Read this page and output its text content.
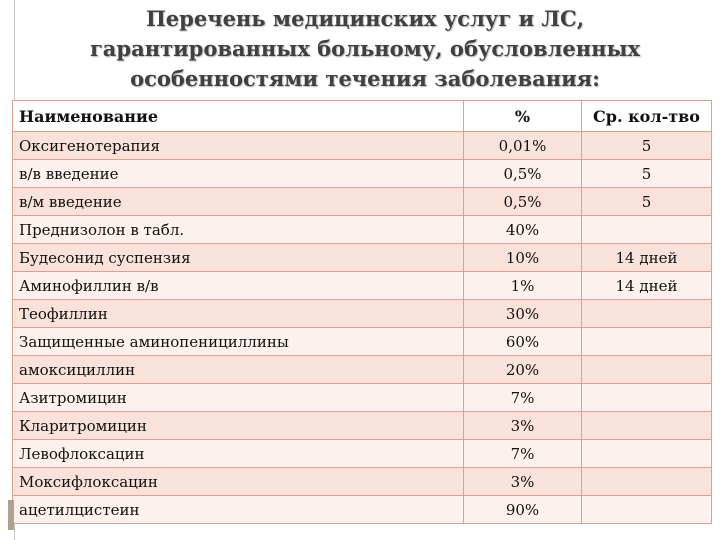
Перечень медицинских услуг и ЛС,
гарантированных больному, обусловленных
особенностями течения заболевания:
Наименование	%	Ср. кол-тво
Оксигенотерапия	0,01%	5
в/в введение	0,5%	5
в/м введение	0,5%	5
Преднизолон в табл.	40%	
Будесонид суспензия	10%	14 дней
Аминофиллин в/в	1%	14 дней
Теофиллин	30%	
Защищенные аминопенициллины	60%	
амоксициллин	20%	
Азитромицин	7%	
Кларитромицин	3%	
Левофлоксацин	7%	
Моксифлоксацин	3%	
ацетилцистеин	90%	
